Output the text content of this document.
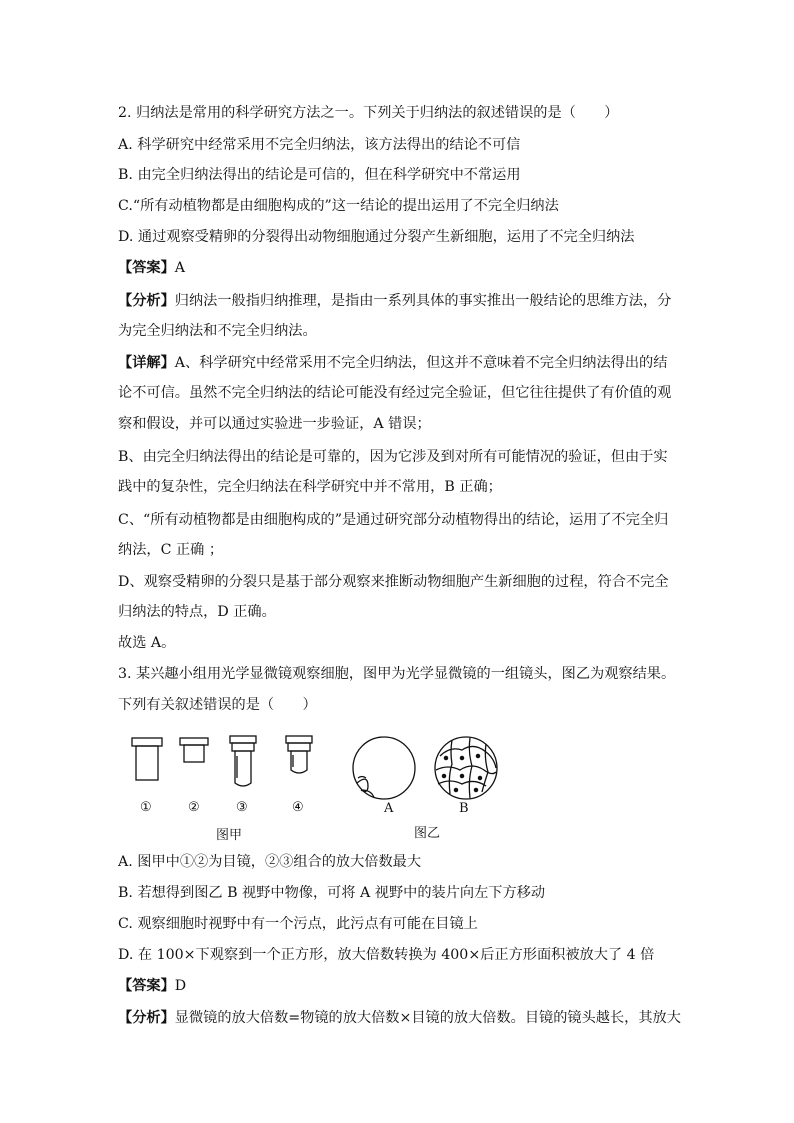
2. 归纳法是常用的科学研究方法之一。下列关于归纳法的叙述错误的是（　　）
A. 科学研究中经常采用不完全归纳法，该方法得出的结论不可信
B. 由完全归纳法得出的结论是可信的，但在科学研究中不常运用
C.“所有动植物都是由细胞构成的”这一结论的提出运用了不完全归纳法
D. 通过观察受精卵的分裂得出动物细胞通过分裂产生新细胞，运用了不完全归纳法
【答案】A
【分析】归纳法一般指归纳推理，是指由一系列具体的事实推出一般结论的思维方法，分
为完全归纳法和不完全归纳法。
【详解】A、科学研究中经常采用不完全归纳法，但这并不意味着不完全归纳法得出的结
论不可信。虽然不完全归纳法的结论可能没有经过完全验证，但它往往提供了有价值的观
察和假设，并可以通过实验进一步验证，A 错误；
B、由完全归纳法得出的结论是可靠的，因为它涉及到对所有可能情况的验证，但由于实
践中的复杂性，完全归纳法在科学研究中并不常用，B 正确；
C、“所有动植物都是由细胞构成的”是通过研究部分动植物得出的结论，运用了不完全归
纳法，C 正确 ；
D、观察受精卵的分裂只是基于部分观察来推断动物细胞产生新细胞的过程，符合不完全
归纳法的特点，D 正确。
故选 A。
3. 某兴趣小组用光学显微镜观察细胞，图甲为光学显微镜的一组镜头，图乙为观察结果。
下列有关叙述错误的是（　　）
①	②	③	④	A	B
图甲	图乙
A. 图甲中①②为目镜，②③组合的放大倍数最大
B. 若想得到图乙 B 视野中物像，可将 A 视野中的装片向左下方移动
C. 观察细胞时视野中有一个污点，此污点有可能在目镜上
D. 在 100×下观察到一个正方形，放大倍数转换为 400×后正方形面积被放大了 4 倍
【答案】D
【分析】显微镜的放大倍数=物镜的放大倍数×目镜的放大倍数。目镜的镜头越长，其放大
